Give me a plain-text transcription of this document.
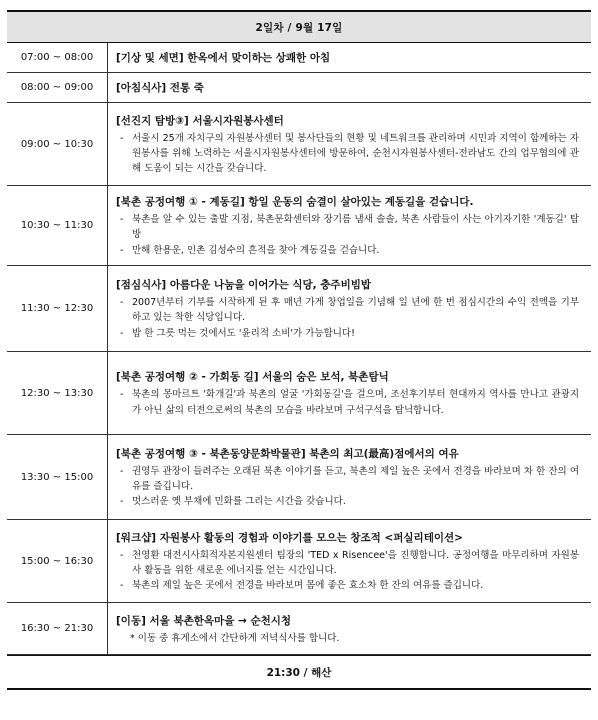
2일차 / 9월 17일
07:00 ~ 08:00	[기상 및 세면] 한옥에서 맞이하는 상쾌한 아침
08:00 ~ 09:00	[아침식사] 전통 죽
09:00 ~ 10:30
[선진지 탐방③] 서울시자원봉사센터
- 서울시 25개 자치구의 자원봉사센터 및 봉사단들의 현황 및 네트워크를 관리하며 시민과 지역이 함께하는 자원봉사를 위해 노력하는 서울시자원봉사센터에 방문하여, 순천시자원봉사센터-전라남도 간의 업무협의에 관해 도움이 되는 시간을 갖습니다.
10:30 ~ 11:30
[북촌 공정여행 ① - 계동길] 항일 운동의 숨결이 살아있는 계동길을 걷습니다.
- 북촌을 알 수 있는 출발 지점, 북촌문화센터와 장기름 냄새 솔솔, 북촌 사람들이 사는 아기자기한 '계동길' 탐방
- 만해 한용운, 인촌 김성수의 흔적을 찾아 계동길을 걷습니다.
11:30 ~ 12:30
[점심식사] 아름다운 나눔을 이어가는 식당, 충주비빔밥
- 2007년부터 기부를 시작하게 된 후 매년 가게 창업일을 기념해 일 년에 한 번 점심시간의 수익 전액을 기부하고 있는 착한 식당입니다.
- 밥 한 그릇 먹는 것에서도 '윤리적 소비'가 가능합니다!
12:30 ~ 13:30
[북촌 공정여행 ② - 가회동 길] 서울의 숨은 보석, 북촌탐닉
- 북촌의 몽마르트 '화개길'과 북촌의 얼굴 '가회동길'을 걸으며, 조선후기부터 현대까지 역사를 만나고 관광지가 아닌 삶의 터전으로써의 북촌의 모습을 바라보며 구석구석을 탐닉합니다.
13:30 ~ 15:00
[북촌 공정여행 ③ - 북촌동양문화박물관] 북촌의 최고(最高)점에서의 여유
- 권영두 관장이 들려주는 오래된 북촌 이야기를 듣고, 북촌의 제일 높은 곳에서 전경을 바라보며 차 한 잔의 여유를 즐깁니다.
- 멋스러운 옛 부채에 민화를 그리는 시간을 갖습니다.
15:00 ~ 16:30
[워크샵] 자원봉사 활동의 경험과 이야기를 모으는 창조적 <퍼실리테이션>
- 천영환 대전시사회적자본지원센터 팀장의 'TED x Risencee'을 진행합니다. 공정여행을 마무리하며 자원봉사 활동을 위한 새로운 에너지를 얻는 시간입니다.
- 북촌의 제일 높은 곳에서 전경을 바라보며 몸에 좋은 효소차 한 잔의 여유를 즐깁니다.
16:30 ~ 21:30
[이동] 서울 북촌한옥마을 → 순천시청
* 이동 중 휴게소에서 간단하게 저녁식사를 합니다.
21:30 / 해산
